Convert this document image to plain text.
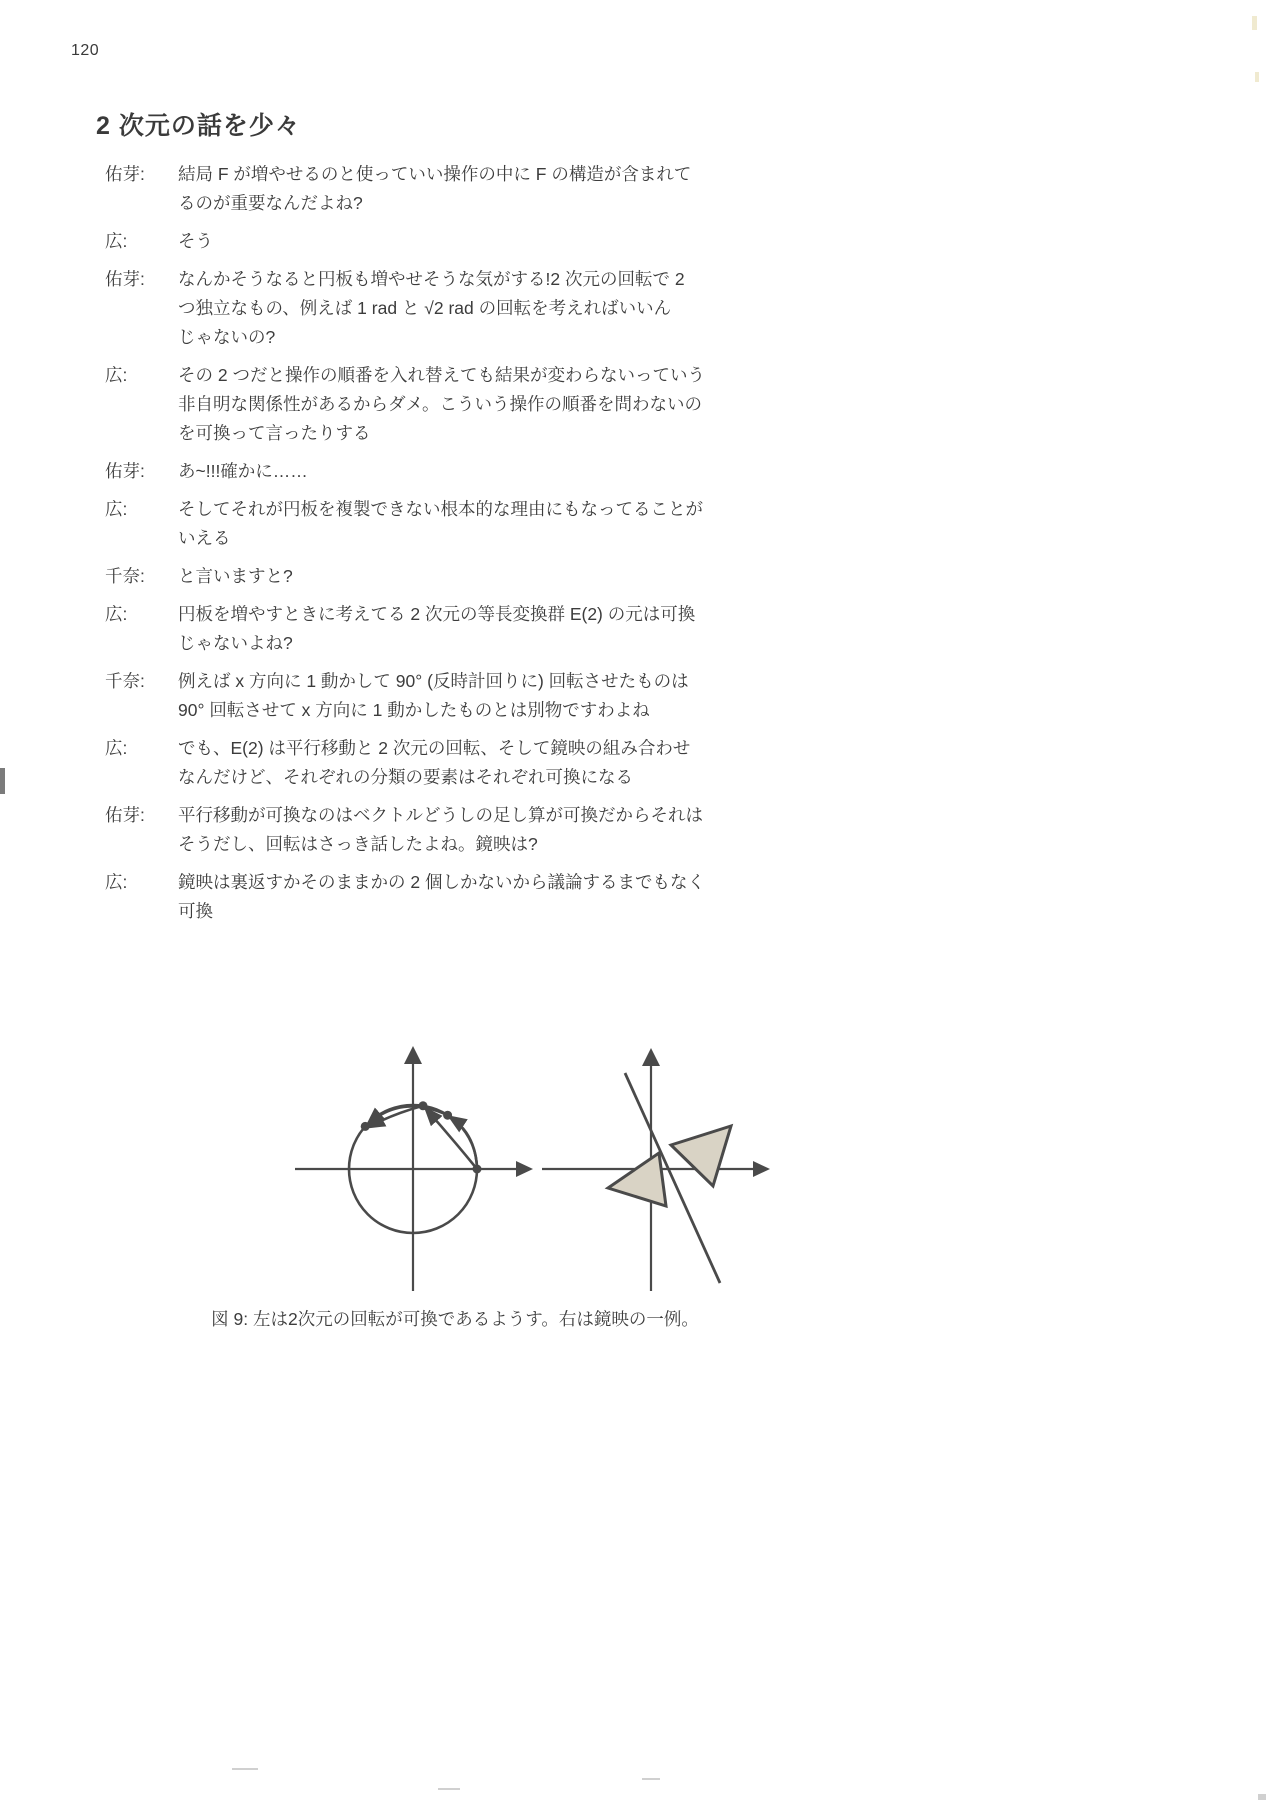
120
2 次元の話を少々
佑芽:	結局 F が増やせるのと使っていい操作の中に F の構造が含まれて
るのが重要なんだよね?
広:	そう
佑芽:	なんかそうなると円板も増やせそうな気がする!2 次元の回転で 2
つ独立なもの、例えば 1 rad と √2 rad の回転を考えればいいん
じゃないの?
広:	その 2 つだと操作の順番を入れ替えても結果が変わらないっていう
非自明な関係性があるからダメ。こういう操作の順番を問わないの
を可換って言ったりする
佑芽:	あ~!!!確かに……
広:	そしてそれが円板を複製できない根本的な理由にもなってることが
いえる
千奈:	と言いますと?
広:	円板を増やすときに考えてる 2 次元の等長変換群 E(2) の元は可換
じゃないよね?
千奈:	例えば x 方向に 1 動かして 90° (反時計回りに) 回転させたものは
90° 回転させて x 方向に 1 動かしたものとは別物ですわよね
広:	でも、E(2) は平行移動と 2 次元の回転、そして鏡映の組み合わせ
なんだけど、それぞれの分類の要素はそれぞれ可換になる
佑芽:	平行移動が可換なのはベクトルどうしの足し算が可換だからそれは
そうだし、回転はさっき話したよね。鏡映は?
広:	鏡映は裏返すかそのままかの 2 個しかないから議論するまでもなく
可換
図 9: 左は2次元の回転が可換であるようす。右は鏡映の一例。
